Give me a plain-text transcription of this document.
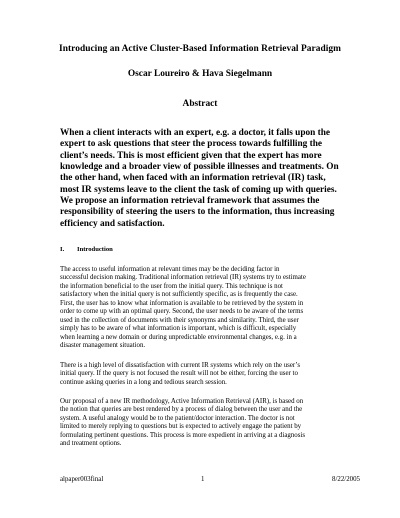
Introducing an Active Cluster-Based Information Retrieval Paradigm
Oscar Loureiro & Hava Siegelmann
Abstract
When a client interacts with an expert, e.g. a doctor, it falls upon the
expert to ask questions that steer the process towards fulfilling the
client’s needs. This is most efficient given that the expert has more
knowledge and a broader view of possible illnesses and treatments. On
the other hand, when faced with an information retrieval (IR) task,
most IR systems leave to the client the task of coming up with queries.
We propose an information retrieval framework that assumes the
responsibility of steering the users to the information, thus increasing
efficiency and satisfaction.
I. Introduction
The access to useful information at relevant times may be the deciding factor in
successful decision making. Traditional information retrieval (IR) systems try to estimate
the information beneficial to the user from the initial query. This technique is not
satisfactory when the initial query is not sufficiently specific, as is frequently the case.
First, the user has to know what information is available to be retrieved by the system in
order to come up with an optimal query. Second, the user needs to be aware of the terms
used in the collection of documents with their synonyms and similarity. Third, the user
simply has to be aware of what information is important, which is difficult, especially
when learning a new domain or during unpredictable environmental changes, e.g. in a
disaster management situation.
There is a high level of dissatisfaction with current IR systems which rely on the user’s
initial query. If the query is not focused the result will not be either, forcing the user to
continue asking queries in a long and tedious search session.
Our proposal of a new IR methodology, Active Information Retrieval (AIR), is based on
the notion that queries are best rendered by a process of dialog between the user and the
system. A useful analogy would be to the patient/doctor interaction. The doctor is not
limited to merely replying to questions but is expected to actively engage the patient by
formulating pertinent questions. This process is more expedient in arriving at a diagnosis
and treatment options.
alpaper003final	1	8/22/2005
